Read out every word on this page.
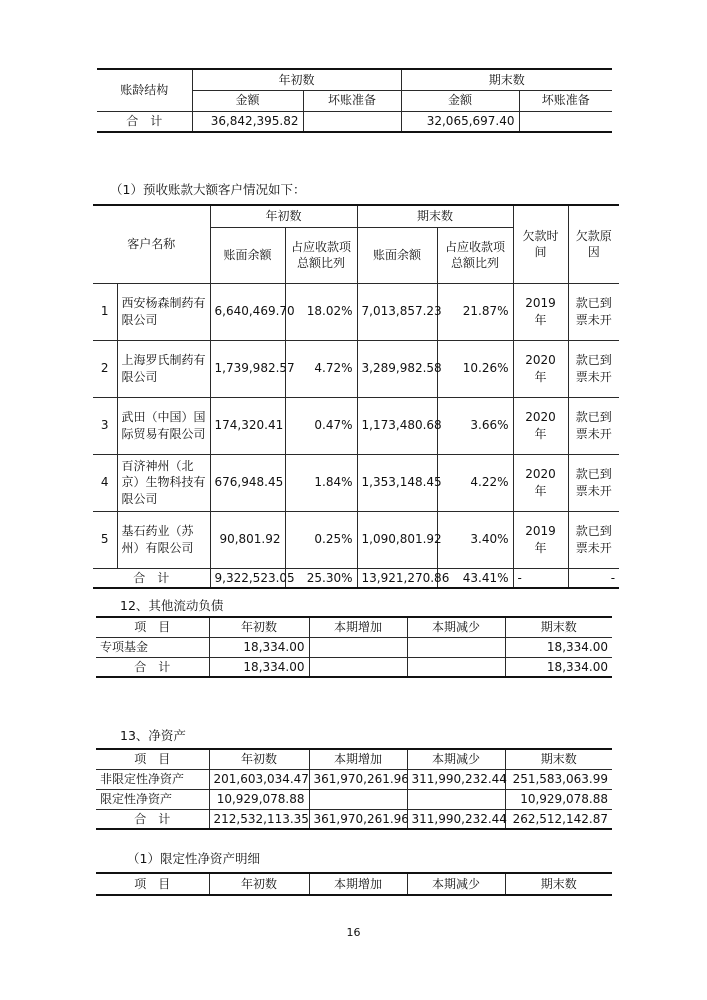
账龄结构	年初数		期末数	
	金额	坏账准备	金额	坏账准备
合　计	36,842,395.82		32,065,697.40	
（1）预收账款大额客户情况如下：
客户名称		年初数		期末数		欠款时间	欠款原因
		账面余额	占应收款项总额比列	账面余额	占应收款项总额比列		
1	西安杨森制药有限公司	6,640,469.70	18.02%	7,013,857.23	21.87%	2019 年	款已到票未开
2	上海罗氏制药有限公司	1,739,982.57	4.72%	3,289,982.58	10.26%	2020 年	款已到票未开
3	武田（中国）国际贸易有限公司	174,320.41	0.47%	1,173,480.68	3.66%	2020 年	款已到票未开
4	百济神州（北京）生物科技有限公司	676,948.45	1.84%	1,353,148.45	4.22%	2020 年	款已到票未开
5	基石药业（苏州）有限公司	90,801.92	0.25%	1,090,801.92	3.40%	2019 年	款已到票未开
合　计		9,322,523.05	25.30%	13,921,270.86	43.41%	-	-
12、其他流动负债
项　目	年初数	本期增加	本期减少	期末数
专项基金	18,334.00			18,334.00
合　计	18,334.00			18,334.00
13、净资产
项　目	年初数	本期增加	本期减少	期末数
非限定性净资产	201,603,034.47	361,970,261.96	311,990,232.44	251,583,063.99
限定性净资产	10,929,078.88			10,929,078.88
合　计	212,532,113.35	361,970,261.96	311,990,232.44	262,512,142.87
（1）限定性净资产明细
项　目	年初数	本期增加	本期减少	期末数
16
